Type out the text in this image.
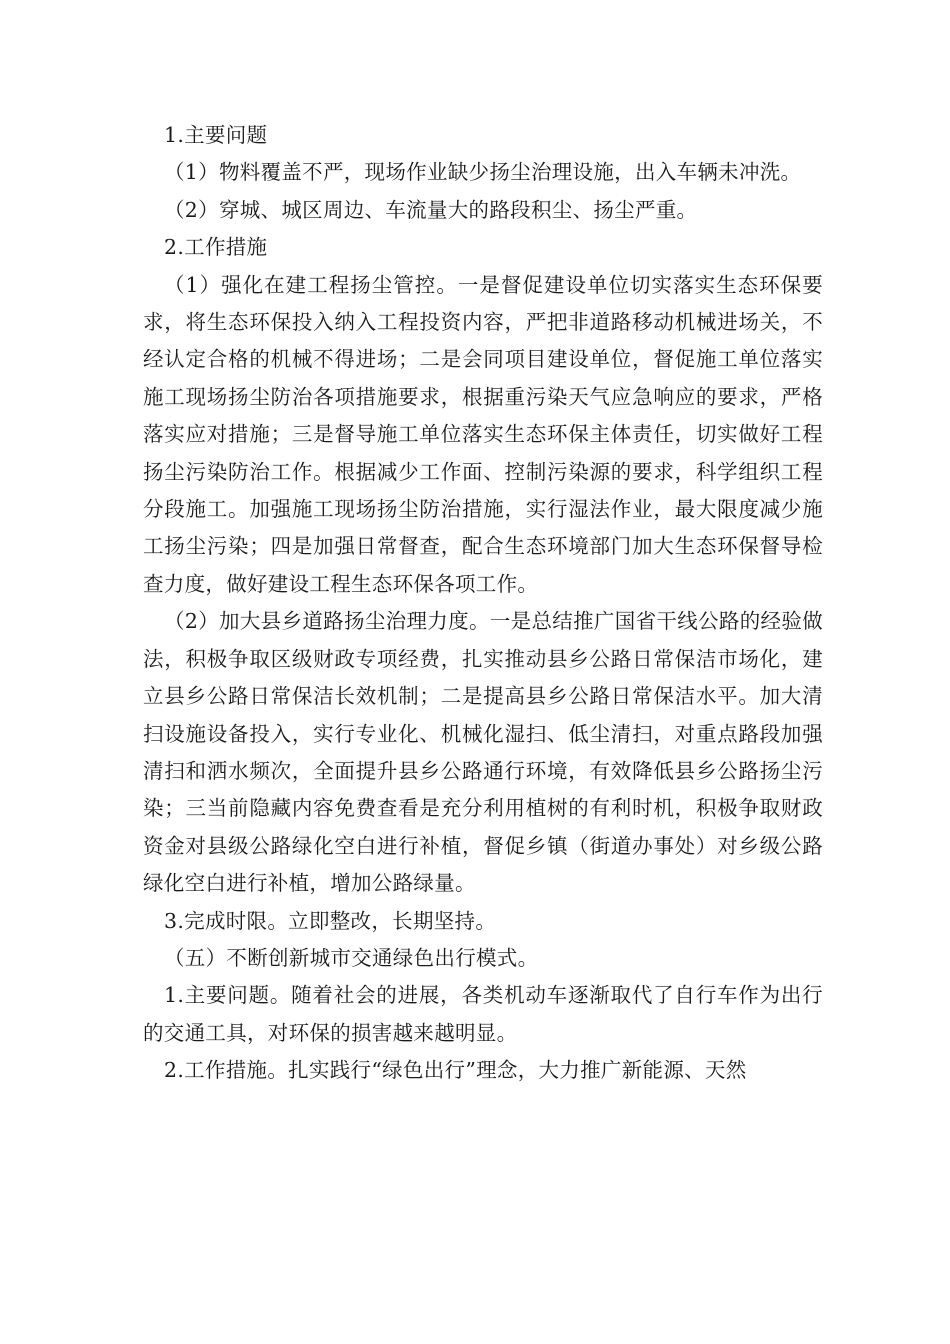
1.主要问题

（1）物料覆盖不严，现场作业缺少扬尘治理设施，出入车辆未冲洗。

（2）穿城、城区周边、车流量大的路段积尘、扬尘严重。

2.工作措施

（1）强化在建工程扬尘管控。一是督促建设单位切实落实生态环保要求，将生态环保投入纳入工程投资内容，严把非道路移动机械进场关，不经认定合格的机械不得进场；二是会同项目建设单位，督促施工单位落实施工现场扬尘防治各项措施要求，根据重污染天气应急响应的要求，严格落实应对措施；三是督导施工单位落实生态环保主体责任，切实做好工程扬尘污染防治工作。根据减少工作面、控制污染源的要求，科学组织工程分段施工。加强施工现场扬尘防治措施，实行湿法作业，最大限度减少施工扬尘污染；四是加强日常督查，配合生态环境部门加大生态环保督导检查力度，做好建设工程生态环保各项工作。

（2）加大县乡道路扬尘治理力度。一是总结推广国省干线公路的经验做法，积极争取区级财政专项经费，扎实推动县乡公路日常保洁市场化，建立县乡公路日常保洁长效机制；二是提高县乡公路日常保洁水平。加大清扫设施设备投入，实行专业化、机械化湿扫、低尘清扫，对重点路段加强清扫和洒水频次，全面提升县乡公路通行环境，有效降低县乡公路扬尘污染；三当前隐藏内容免费查看是充分利用植树的有利时机，积极争取财政资金对县级公路绿化空白进行补植，督促乡镇（街道办事处）对乡级公路绿化空白进行补植，增加公路绿量。

3.完成时限。立即整改，长期坚持。

（五）不断创新城市交通绿色出行模式。

1.主要问题。随着社会的进展，各类机动车逐渐取代了自行车作为出行的交通工具，对环保的损害越来越明显。

2.工作措施。扎实践行“绿色出行”理念，大力推广新能源、天然
